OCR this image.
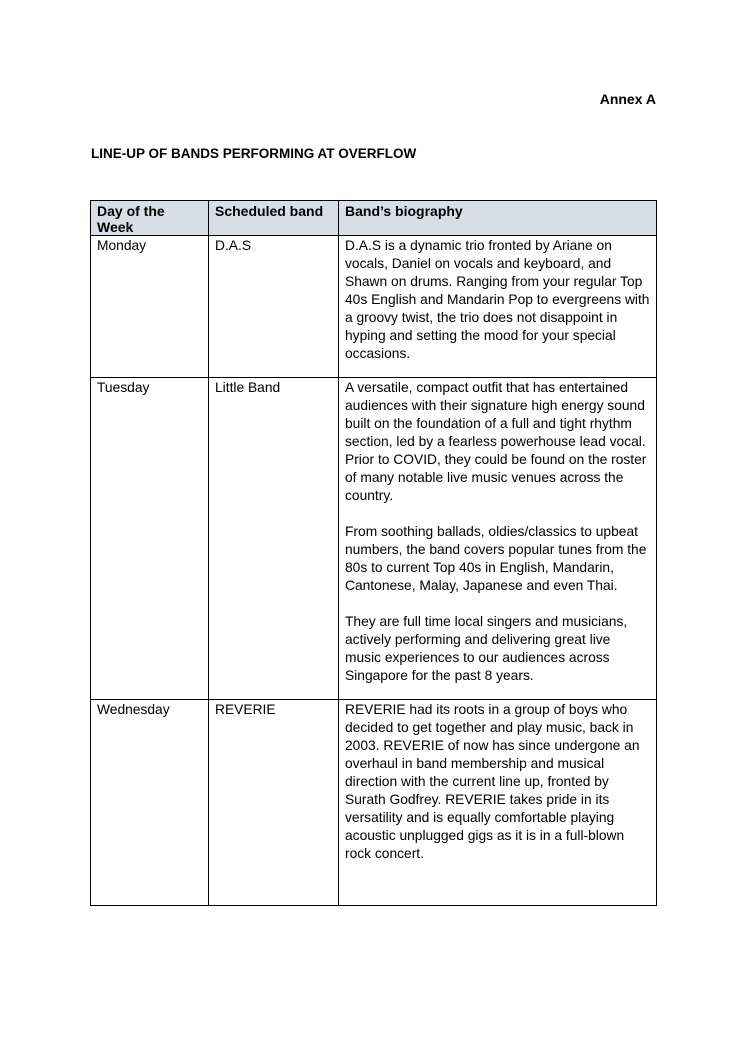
Annex A
LINE-UP OF BANDS PERFORMING AT OVERFLOW
Day of the Week	Scheduled band	Band’s biography
Monday	D.A.S	D.A.S is a dynamic trio fronted by Ariane on vocals, Daniel on vocals and keyboard, and Shawn on drums. Ranging from your regular Top 40s English and Mandarin Pop to evergreens with a groovy twist, the trio does not disappoint in hyping and setting the mood for your special occasions.

Tuesday	Little Band	A versatile, compact outfit that has entertained audiences with their signature high energy sound built on the foundation of a full and tight rhythm section, led by a fearless powerhouse lead vocal. Prior to COVID, they could be found on the roster of many notable live music venues across the country.
From soothing ballads, oldies/classics to upbeat numbers, the band covers popular tunes from the 80s to current Top 40s in English, Mandarin, Cantonese, Malay, Japanese and even Thai.
They are full time local singers and musicians, actively performing and delivering great live music experiences to our audiences across Singapore for the past 8 years.

Wednesday	REVERIE	REVERIE had its roots in a group of boys who decided to get together and play music, back in 2003. REVERIE of now has since undergone an overhaul in band membership and musical direction with the current line up, fronted by Surath Godfrey. REVERIE takes pride in its versatility and is equally comfortable playing acoustic unplugged gigs as it is in a full-blown rock concert.
